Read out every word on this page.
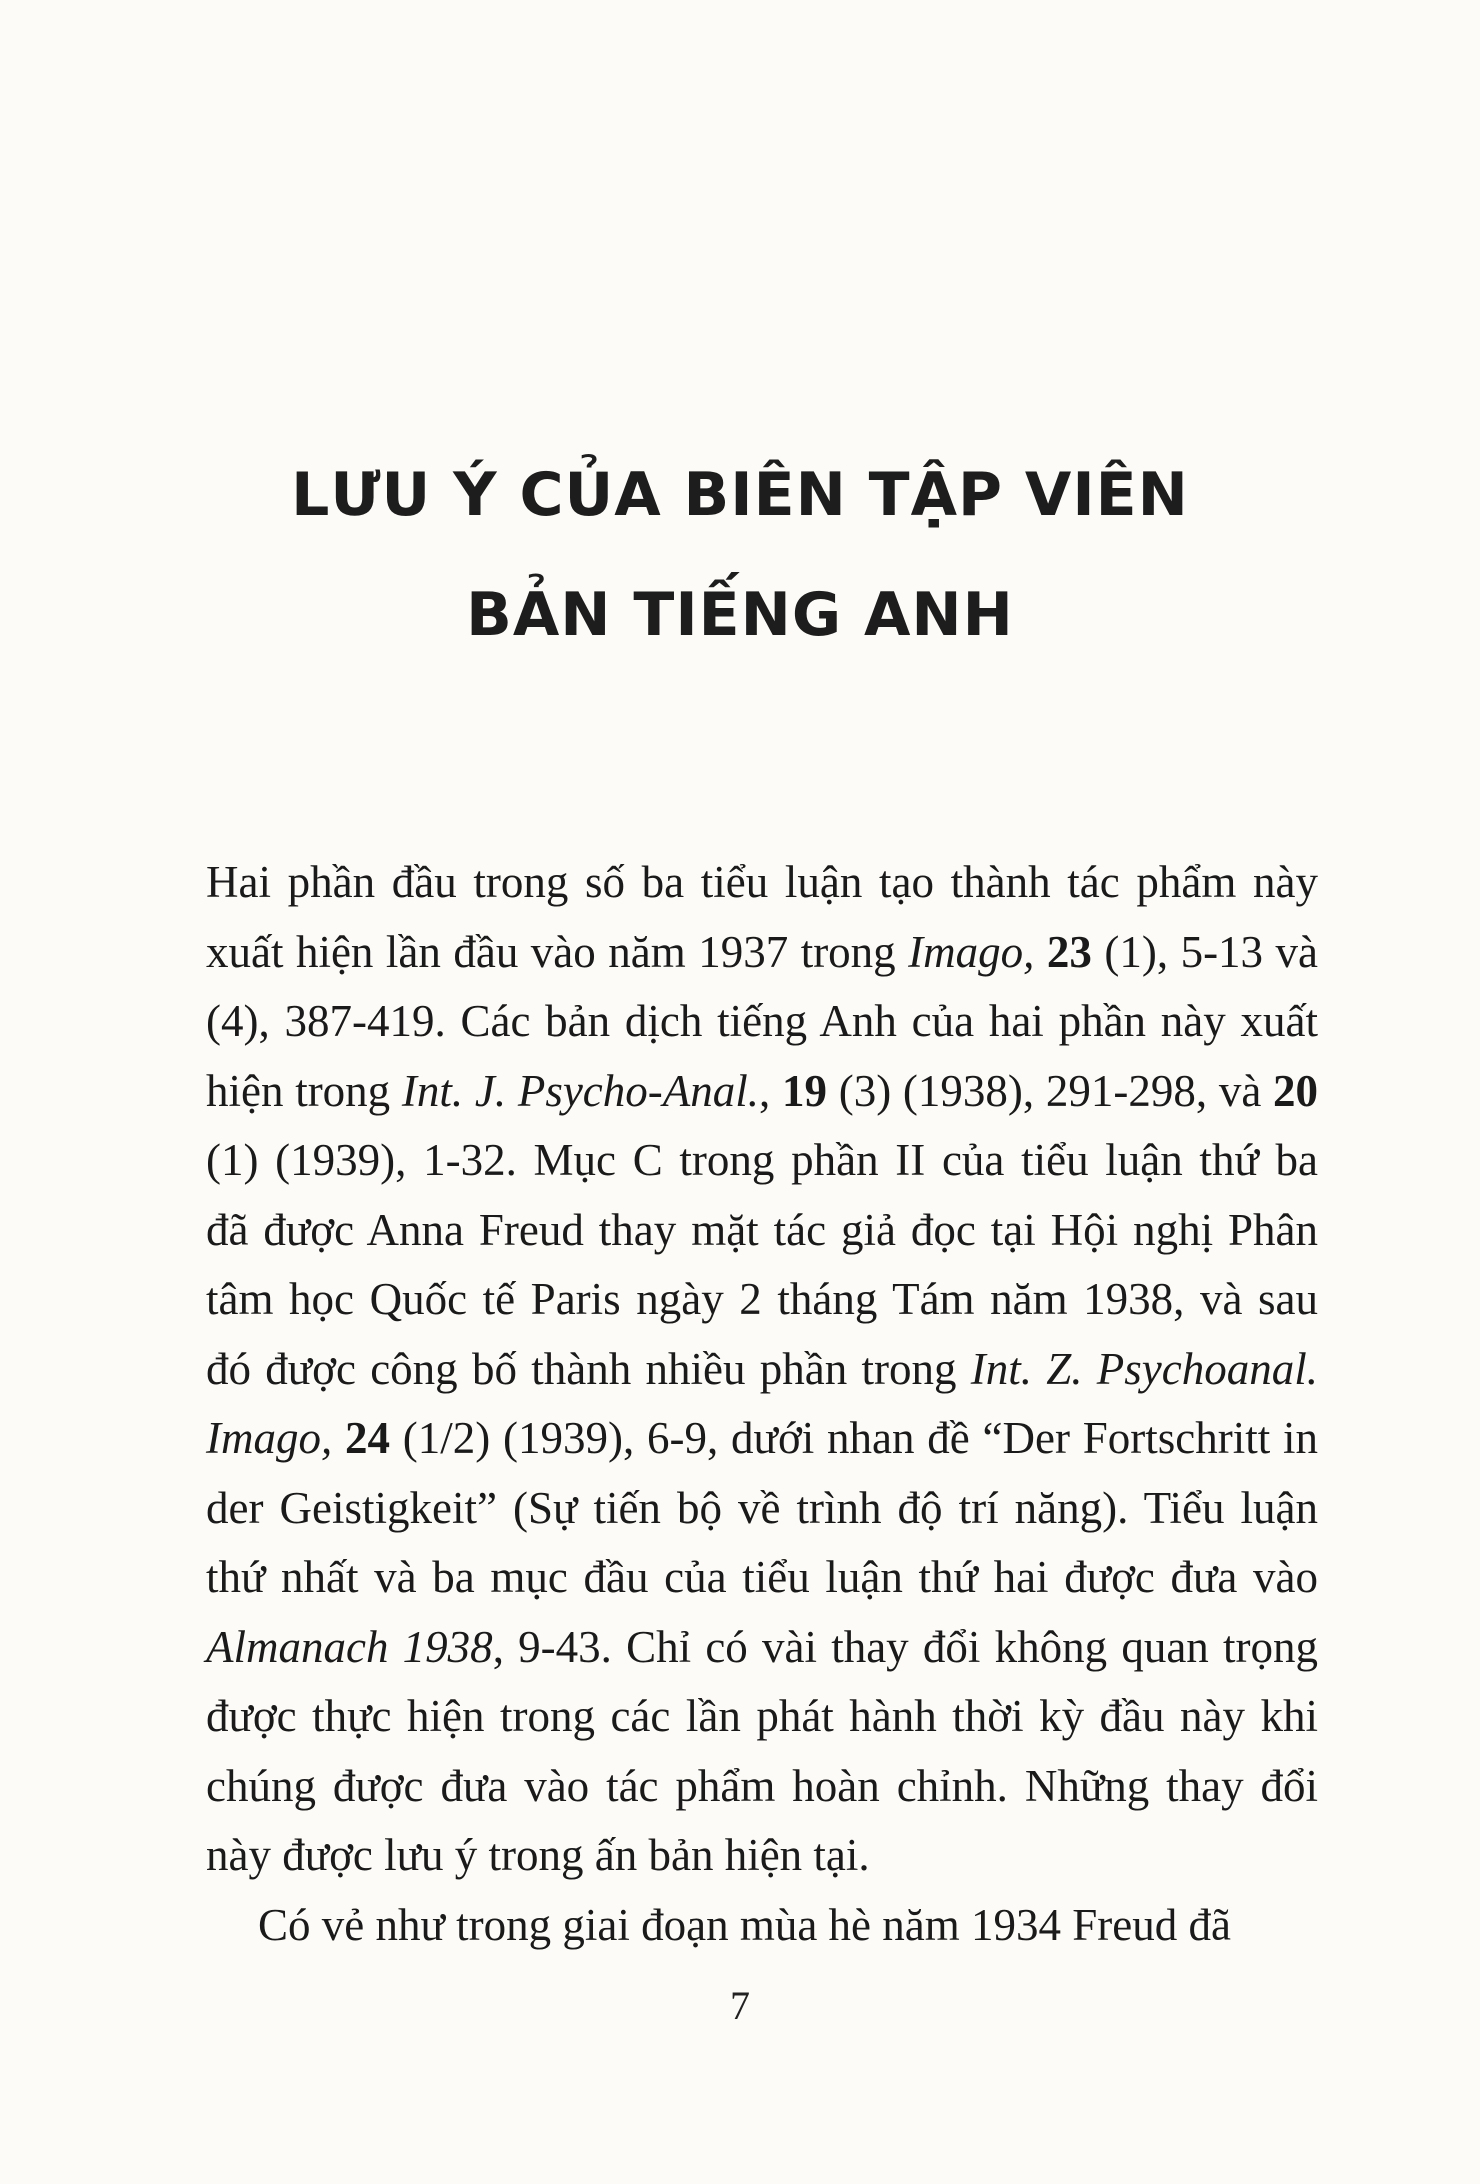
LƯU Ý CỦA BIÊN TẬP VIÊN
BẢN TIẾNG ANH
Hai phần đầu trong số ba tiểu luận tạo thành tác phẩm này
xuất hiện lần đầu vào năm 1937 trong Imago, 23 (1), 5-13 và
(4), 387-419. Các bản dịch tiếng Anh của hai phần này xuất
hiện trong Int. J. Psycho-Anal., 19 (3) (1938), 291-298, và 20
(1) (1939), 1-32. Mục C trong phần II của tiểu luận thứ ba
đã được Anna Freud thay mặt tác giả đọc tại Hội nghị Phân
tâm học Quốc tế Paris ngày 2 tháng Tám năm 1938, và sau
đó được công bố thành nhiều phần trong Int. Z. Psychoanal.
Imago, 24 (1/2) (1939), 6-9, dưới nhan đề “Der Fortschritt in
der Geistigkeit” (Sự tiến bộ về trình độ trí năng). Tiểu luận
thứ nhất và ba mục đầu của tiểu luận thứ hai được đưa vào
Almanach 1938, 9-43. Chỉ có vài thay đổi không quan trọng
được thực hiện trong các lần phát hành thời kỳ đầu này khi
chúng được đưa vào tác phẩm hoàn chỉnh. Những thay đổi
này được lưu ý trong ấn bản hiện tại.
Có vẻ như trong giai đoạn mùa hè năm 1934 Freud đã
7
